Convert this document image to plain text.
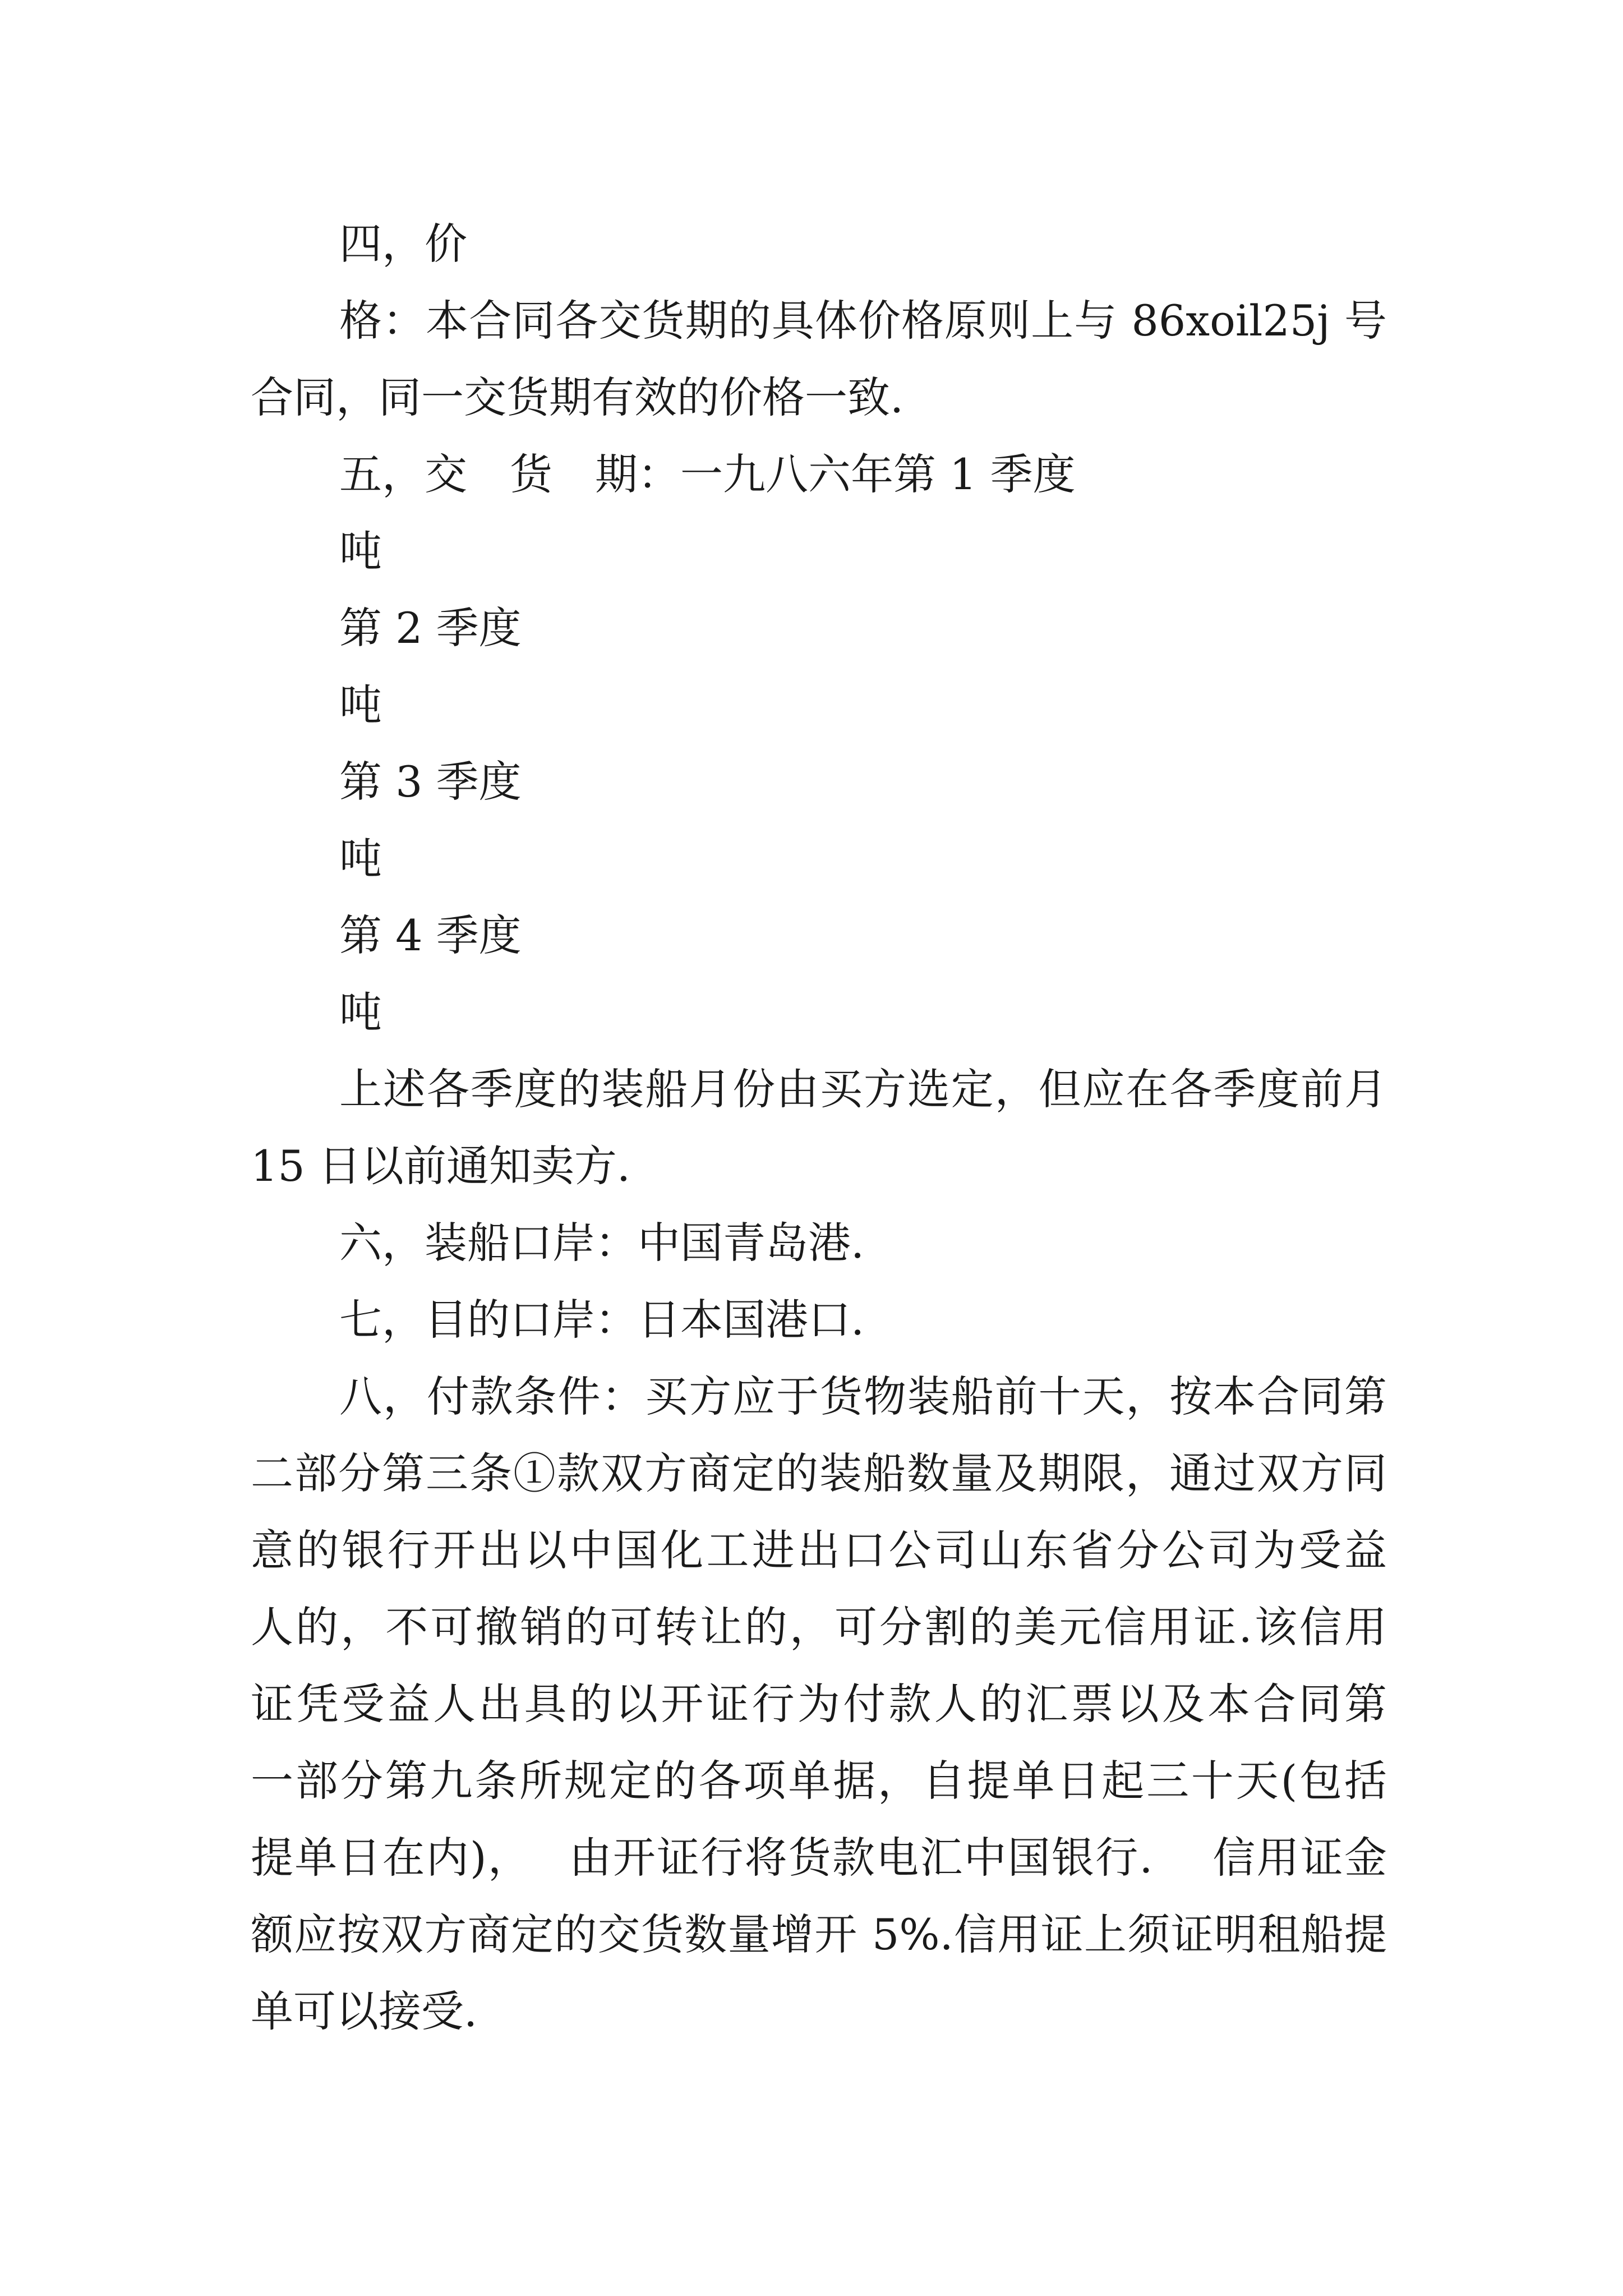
四，价
格：本合同各交货期的具体价格原则上与 86xoil25j 号
合同，同一交货期有效的价格一致.
五，交　货　期：一九八六年第 1 季度
吨
第 2 季度
吨
第 3 季度
吨
第 4 季度
吨
上述各季度的装船月份由买方选定，但应在各季度前月
15 日以前通知卖方.
六，装船口岸：中国青岛港.
七，目的口岸：日本国港口.
八，付款条件：买方应于货物装船前十天，按本合同第
二部分第三条①款双方商定的装船数量及期限，通过双方同
意的银行开出以中国化工进出口公司山东省分公司为受益
人的，不可撤销的可转让的，可分割的美元信用证.该信用
证凭受益人出具的以开证行为付款人的汇票以及本合同第
一部分第九条所规定的各项单据，自提单日起三十天(包括
提单日在内)，　 由开证行将货款电汇中国银行.　 信用证金
额应按双方商定的交货数量增开 5%.信用证上须证明租船提
单可以接受.
